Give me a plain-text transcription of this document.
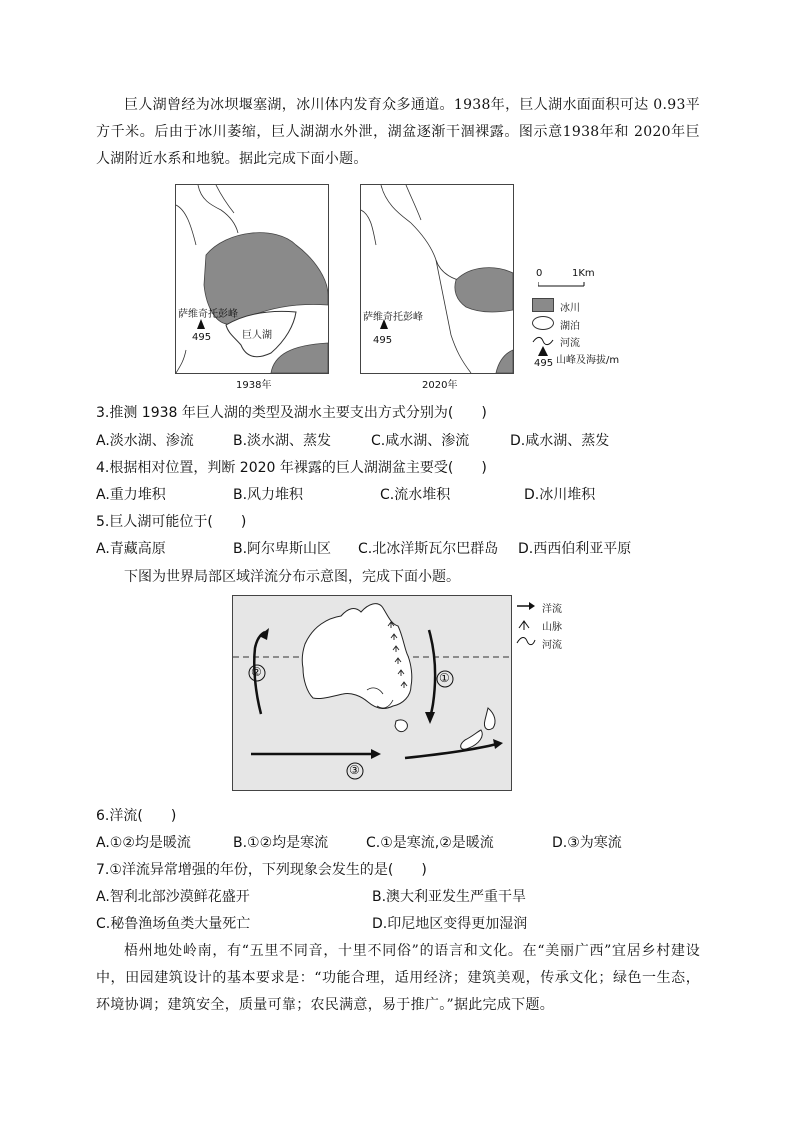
巨人湖曾经为冰坝堰塞湖，冰川体内发育众多通道。1938年，巨人湖水面面积可达 0.93平方千米。后由于冰川萎缩，巨人湖湖水外泄，湖盆逐渐干涸裸露。图示意1938年和 2020年巨人湖附近水系和地貌。据此完成下面小题。
萨维奇托彭峰
495	巨人湖
1938年
萨维奇托彭峰
495
2020年
0	1Km
冰川
湖泊
河流
山峰及海拔/m
495
3.推测 1938 年巨人湖的类型及湖水主要支出方式分别为(　　)
A.淡水湖、渗流	B.淡水湖、蒸发	C.咸水湖、渗流	D.咸水湖、蒸发
4.根据相对位置，判断 2020 年裸露的巨人湖湖盆主要受(　　)
A.重力堆积	B.风力堆积	C.流水堆积	D.冰川堆积
5.巨人湖可能位于(　　)
A.青藏高原	B.阿尔卑斯山区 C.北冰洋斯瓦尔巴群岛 D.西西伯利亚平原
下图为世界局部区域洋流分布示意图，完成下面小题。
②	①
③
洋流
山脉
河流
6.洋流(　　)
A.①②均是暖流	B.①②均是寒流	C.①是寒流,②是暖流	D.③为寒流
7.①洋流异常增强的年份，下列现象会发生的是(　　)
A.智利北部沙漠鲜花盛开	B.澳大利亚发生严重干旱
C.秘鲁渔场鱼类大量死亡	D.印尼地区变得更加湿润
梧州地处岭南，有“五里不同音，十里不同俗”的语言和文化。在“美丽广西”宜居乡村建设中，田园建筑设计的基本要求是：“功能合理，适用经济；建筑美观，传承文化；绿色一生态，环境协调；建筑安全，质量可靠；农民满意，易于推广。”据此完成下题。
